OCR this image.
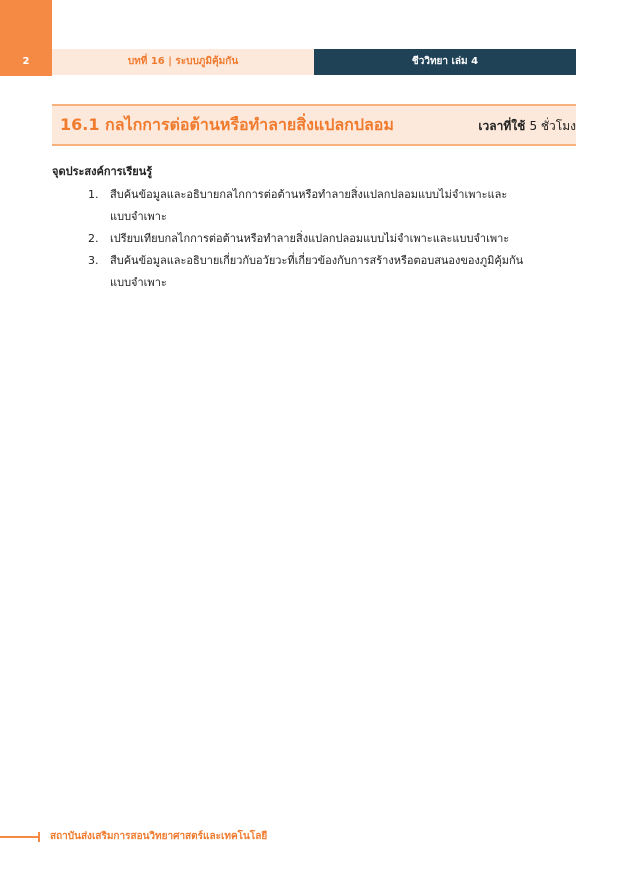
2	บทที่ 16 | ระบบภูมิคุ้มกัน	ชีววิทยา เล่ม 4
16.1 กลไกการต่อต้านหรือทำลายสิ่งแปลกปลอม	เวลาที่ใช้ 5 ชั่วโมง
จุดประสงค์การเรียนรู้
1. สืบค้นข้อมูลและอธิบายกลไกการต่อต้านหรือทำลายสิ่งแปลกปลอมแบบไม่จำเพาะและ
แบบจำเพาะ
2. เปรียบเทียบกลไกการต่อต้านหรือทำลายสิ่งแปลกปลอมแบบไม่จำเพาะและแบบจำเพาะ
3. สืบค้นข้อมูลและอธิบายเกี่ยวกับอวัยวะที่เกี่ยวข้องกับการสร้างหรือตอบสนองของภูมิคุ้มกัน
แบบจำเพาะ
สถาบันส่งเสริมการสอนวิทยาศาสตร์และเทคโนโลยี
